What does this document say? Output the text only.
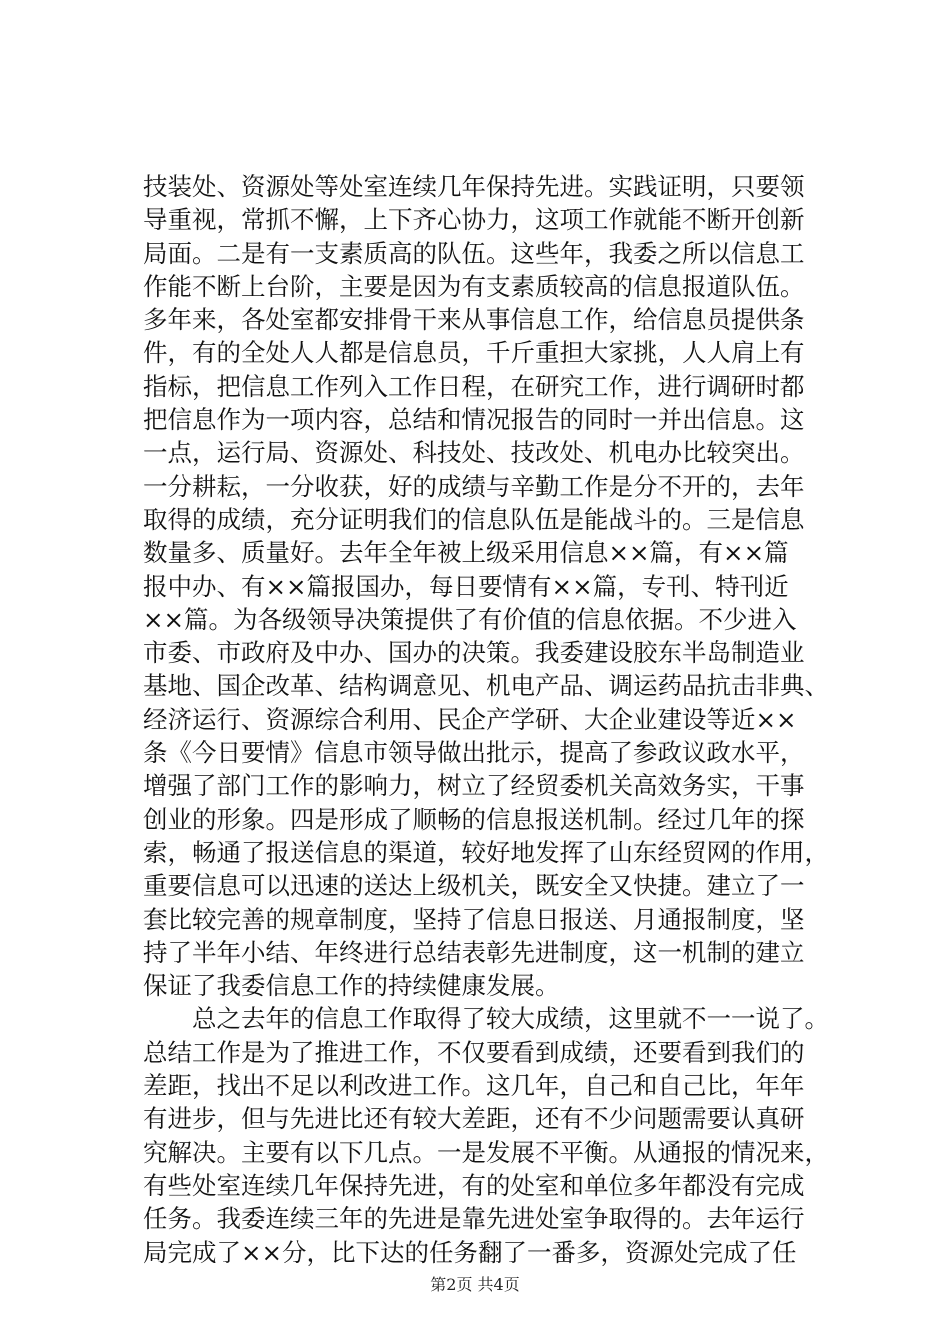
技装处、资源处等处室连续几年保持先进。实践证明，只要领
导重视，常抓不懈，上下齐心协力，这项工作就能不断开创新
局面。二是有一支素质高的队伍。这些年，我委之所以信息工
作能不断上台阶，主要是因为有支素质较高的信息报道队伍。
多年来，各处室都安排骨干来从事信息工作，给信息员提供条
件，有的全处人人都是信息员，千斤重担大家挑，人人肩上有
指标，把信息工作列入工作日程，在研究工作，进行调研时都
把信息作为一项内容，总结和情况报告的同时一并出信息。这
一点，运行局、资源处、科技处、技改处、机电办比较突出。
一分耕耘，一分收获，好的成绩与辛勤工作是分不开的，去年
取得的成绩，充分证明我们的信息队伍是能战斗的。三是信息
数量多、质量好。去年全年被上级采用信息××篇，有××篇
报中办、有××篇报国办，每日要情有××篇，专刊、特刊近
××篇。为各级领导决策提供了有价值的信息依据。不少进入
市委、市政府及中办、国办的决策。我委建设胶东半岛制造业
基地、国企改革、结构调意见、机电产品、调运药品抗击非典、
经济运行、资源综合利用、民企产学研、大企业建设等近××
条《今日要情》信息市领导做出批示，提高了参政议政水平，
增强了部门工作的影响力，树立了经贸委机关高效务实，干事
创业的形象。四是形成了顺畅的信息报送机制。经过几年的探
索，畅通了报送信息的渠道，较好地发挥了山东经贸网的作用，
重要信息可以迅速的送达上级机关，既安全又快捷。建立了一
套比较完善的规章制度，坚持了信息日报送、月通报制度，坚
持了半年小结、年终进行总结表彰先进制度，这一机制的建立
保证了我委信息工作的持续健康发展。
　　总之去年的信息工作取得了较大成绩，这里就不一一说了。
总结工作是为了推进工作，不仅要看到成绩，还要看到我们的
差距，找出不足以利改进工作。这几年，自己和自己比，年年
有进步，但与先进比还有较大差距，还有不少问题需要认真研
究解决。主要有以下几点。一是发展不平衡。从通报的情况来，
有些处室连续几年保持先进，有的处室和单位多年都没有完成
任务。我委连续三年的先进是靠先进处室争取得的。去年运行
局完成了××分，比下达的任务翻了一番多，资源处完成了任
第2页 共4页
